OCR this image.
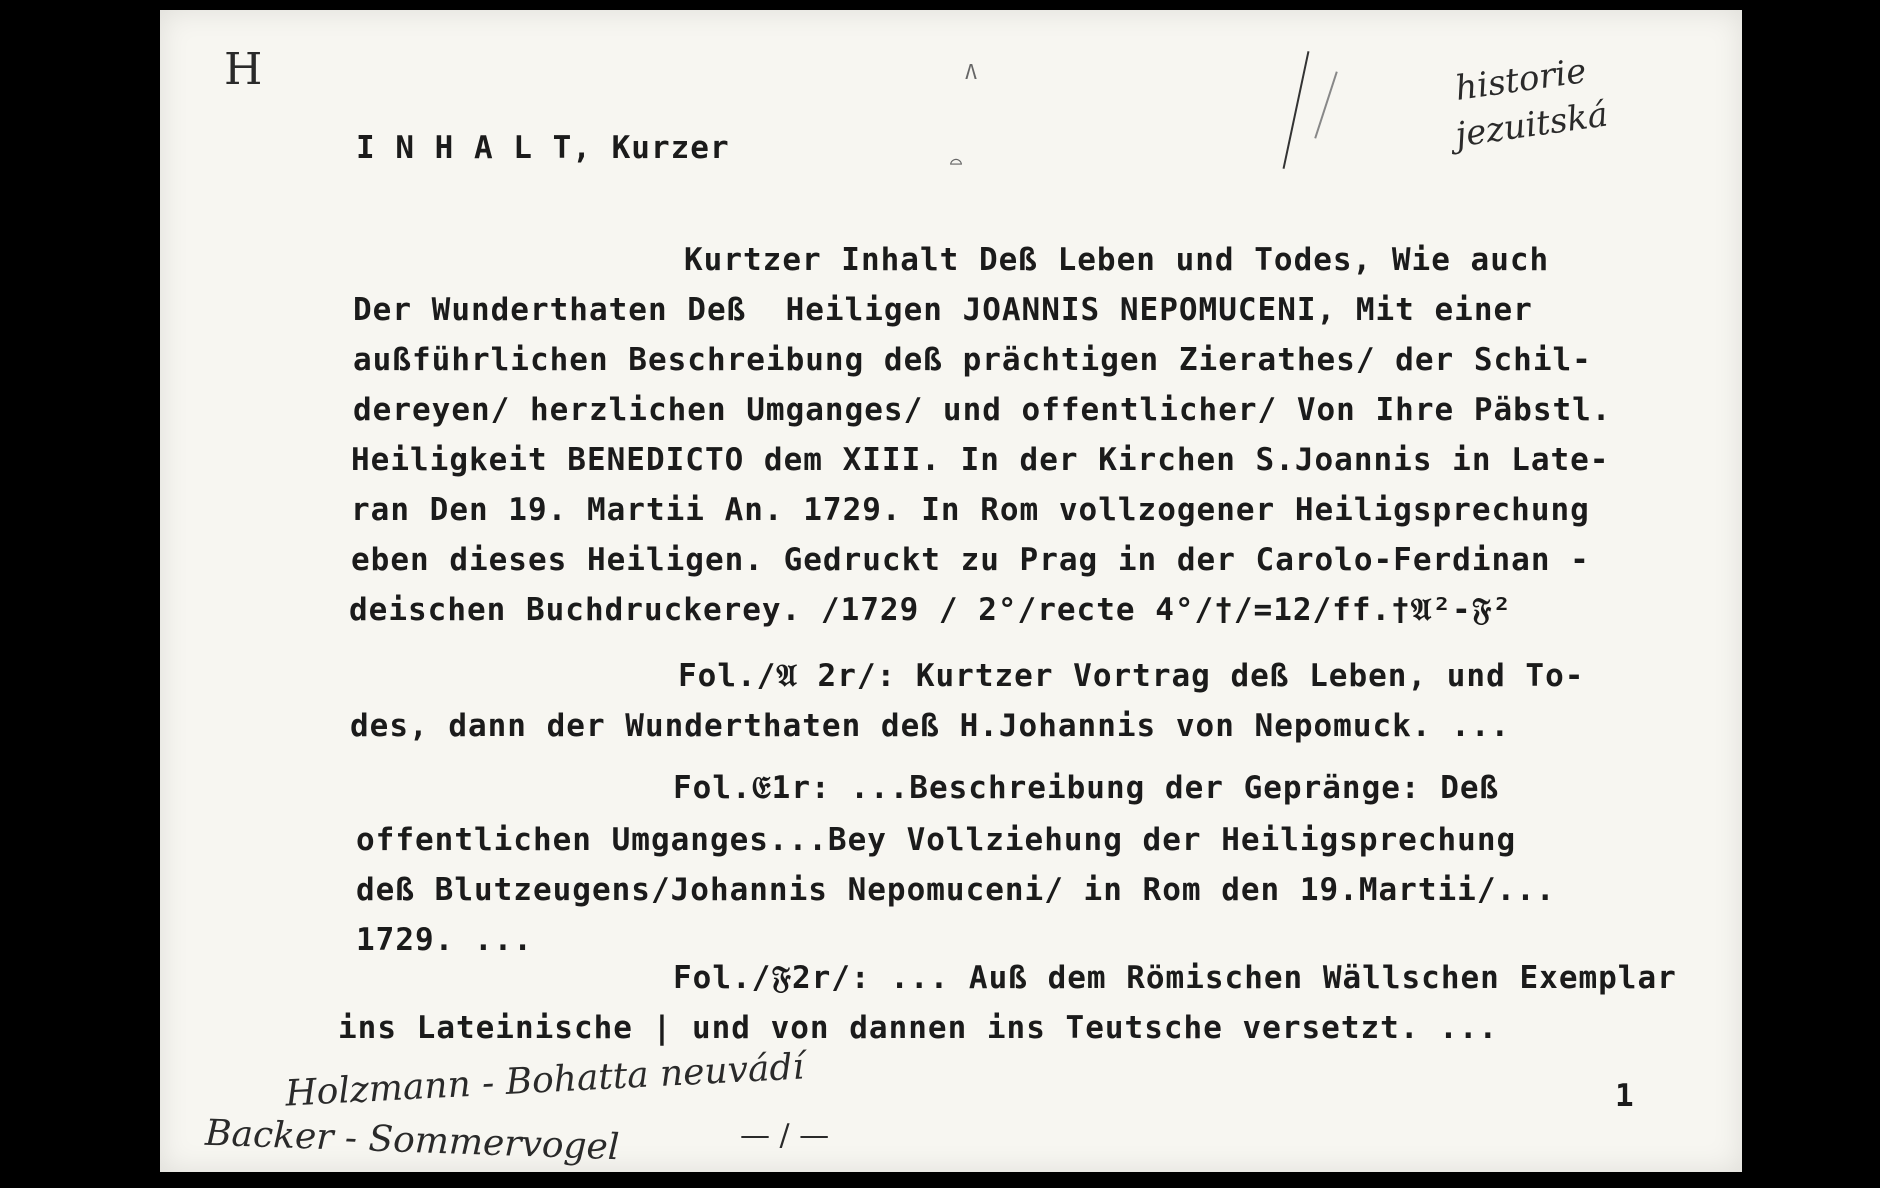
H	Λ
⌓
historie
jezuitská
I N H A L T, Kurzer
Kurtzer Inhalt Deß Leben und Todes, Wie auch
Der Wunderthaten Deß  Heiligen JOANNIS NEPOMUCENI, Mit einer
außführlichen Beschreibung deß prächtigen Zierathes/ der Schil-
dereyen/ herzlichen Umganges/ und offentlicher/ Von Ihre Päbstl.
Heiligkeit BENEDICTO dem XIII. In der Kirchen S.Joannis in Late-
ran Den 19. Martii An. 1729. In Rom vollzogener Heiligsprechung
eben dieses Heiligen. Gedruckt zu Prag in der Carolo-Ferdinan -
deischen Buchdruckerey. /1729 / 2°/recte 4°/†/=12/ff.†𝔄²-𝔉²
Fol./𝔄 2r/: Kurtzer Vortrag deß Leben, und To-
des, dann der Wunderthaten deß H.Johannis von Nepomuck. ...
Fol.𝔈1r: ...Beschreibung der Gepränge: Deß
offentlichen Umganges...Bey Vollziehung der Heiligsprechung
deß Blutzeugens/Johannis Nepomuceni/ in Rom den 19.Martii/...
1729. ...
Fol./𝔉2r/: ... Auß dem Römischen Wällschen Exemplar
ins Lateinische | und von dannen ins Teutsche versetzt. ...
Holzmann - Bohatta neuvádí
Backer - Sommervogel	— / —
1
